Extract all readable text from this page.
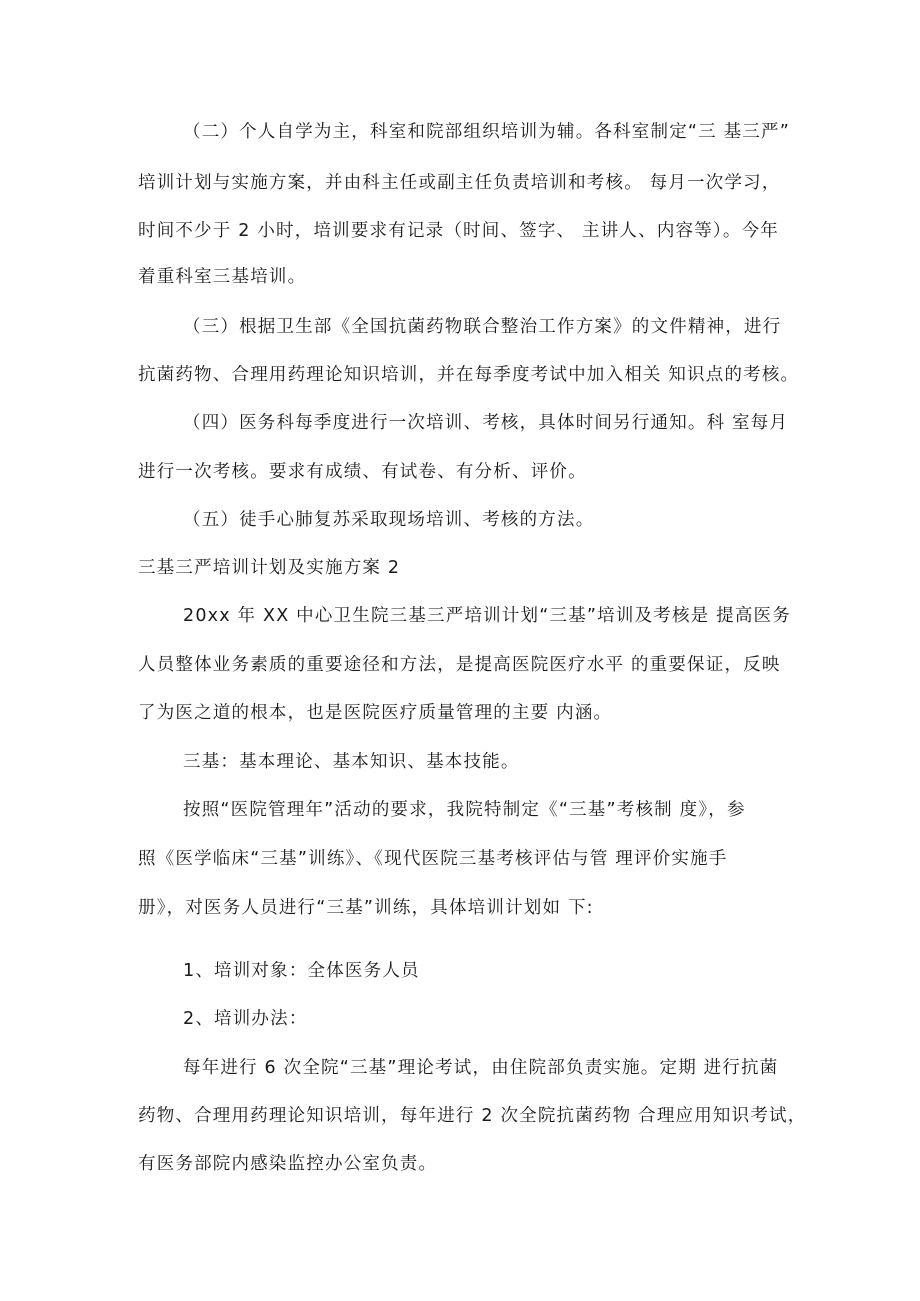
（二）个人自学为主，科室和院部组织培训为辅。各科室制定“三 基三严”

培训计划与实施方案，并由科主任或副主任负责培训和考核。 每月一次学习，

时间不少于 2 小时，培训要求有记录（时间、签字、 主讲人、内容等）。今年

着重科室三基培训。

（三）根据卫生部《全国抗菌药物联合整治工作方案》的文件精神，进行

抗菌药物、合理用药理论知识培训，并在每季度考试中加入相关 知识点的考核。

（四）医务科每季度进行一次培训、考核，具体时间另行通知。科 室每月

进行一次考核。要求有成绩、有试卷、有分析、评价。

（五）徒手心肺复苏采取现场培训、考核的方法。

三基三严培训计划及实施方案 2

20xx 年 XX 中心卫生院三基三严培训计划“三基”培训及考核是 提高医务

人员整体业务素质的重要途径和方法，是提高医院医疗水平 的重要保证，反映

了为医之道的根本，也是医院医疗质量管理的主要 内涵。

三基：基本理论、基本知识、基本技能。

按照“医院管理年”活动的要求，我院特制定《“三基”考核制 度》，参

照《医学临床“三基”训练》、《现代医院三基考核评估与管 理评价实施手

册》，对医务人员进行“三基”训练，具体培训计划如 下:

1、培训对象：全体医务人员

2、培训办法：

每年进行 6 次全院“三基”理论考试，由住院部负责实施。定期 进行抗菌

药物、合理用药理论知识培训，每年进行 2 次全院抗菌药物 合理应用知识考试，

有医务部院内感染监控办公室负责。
